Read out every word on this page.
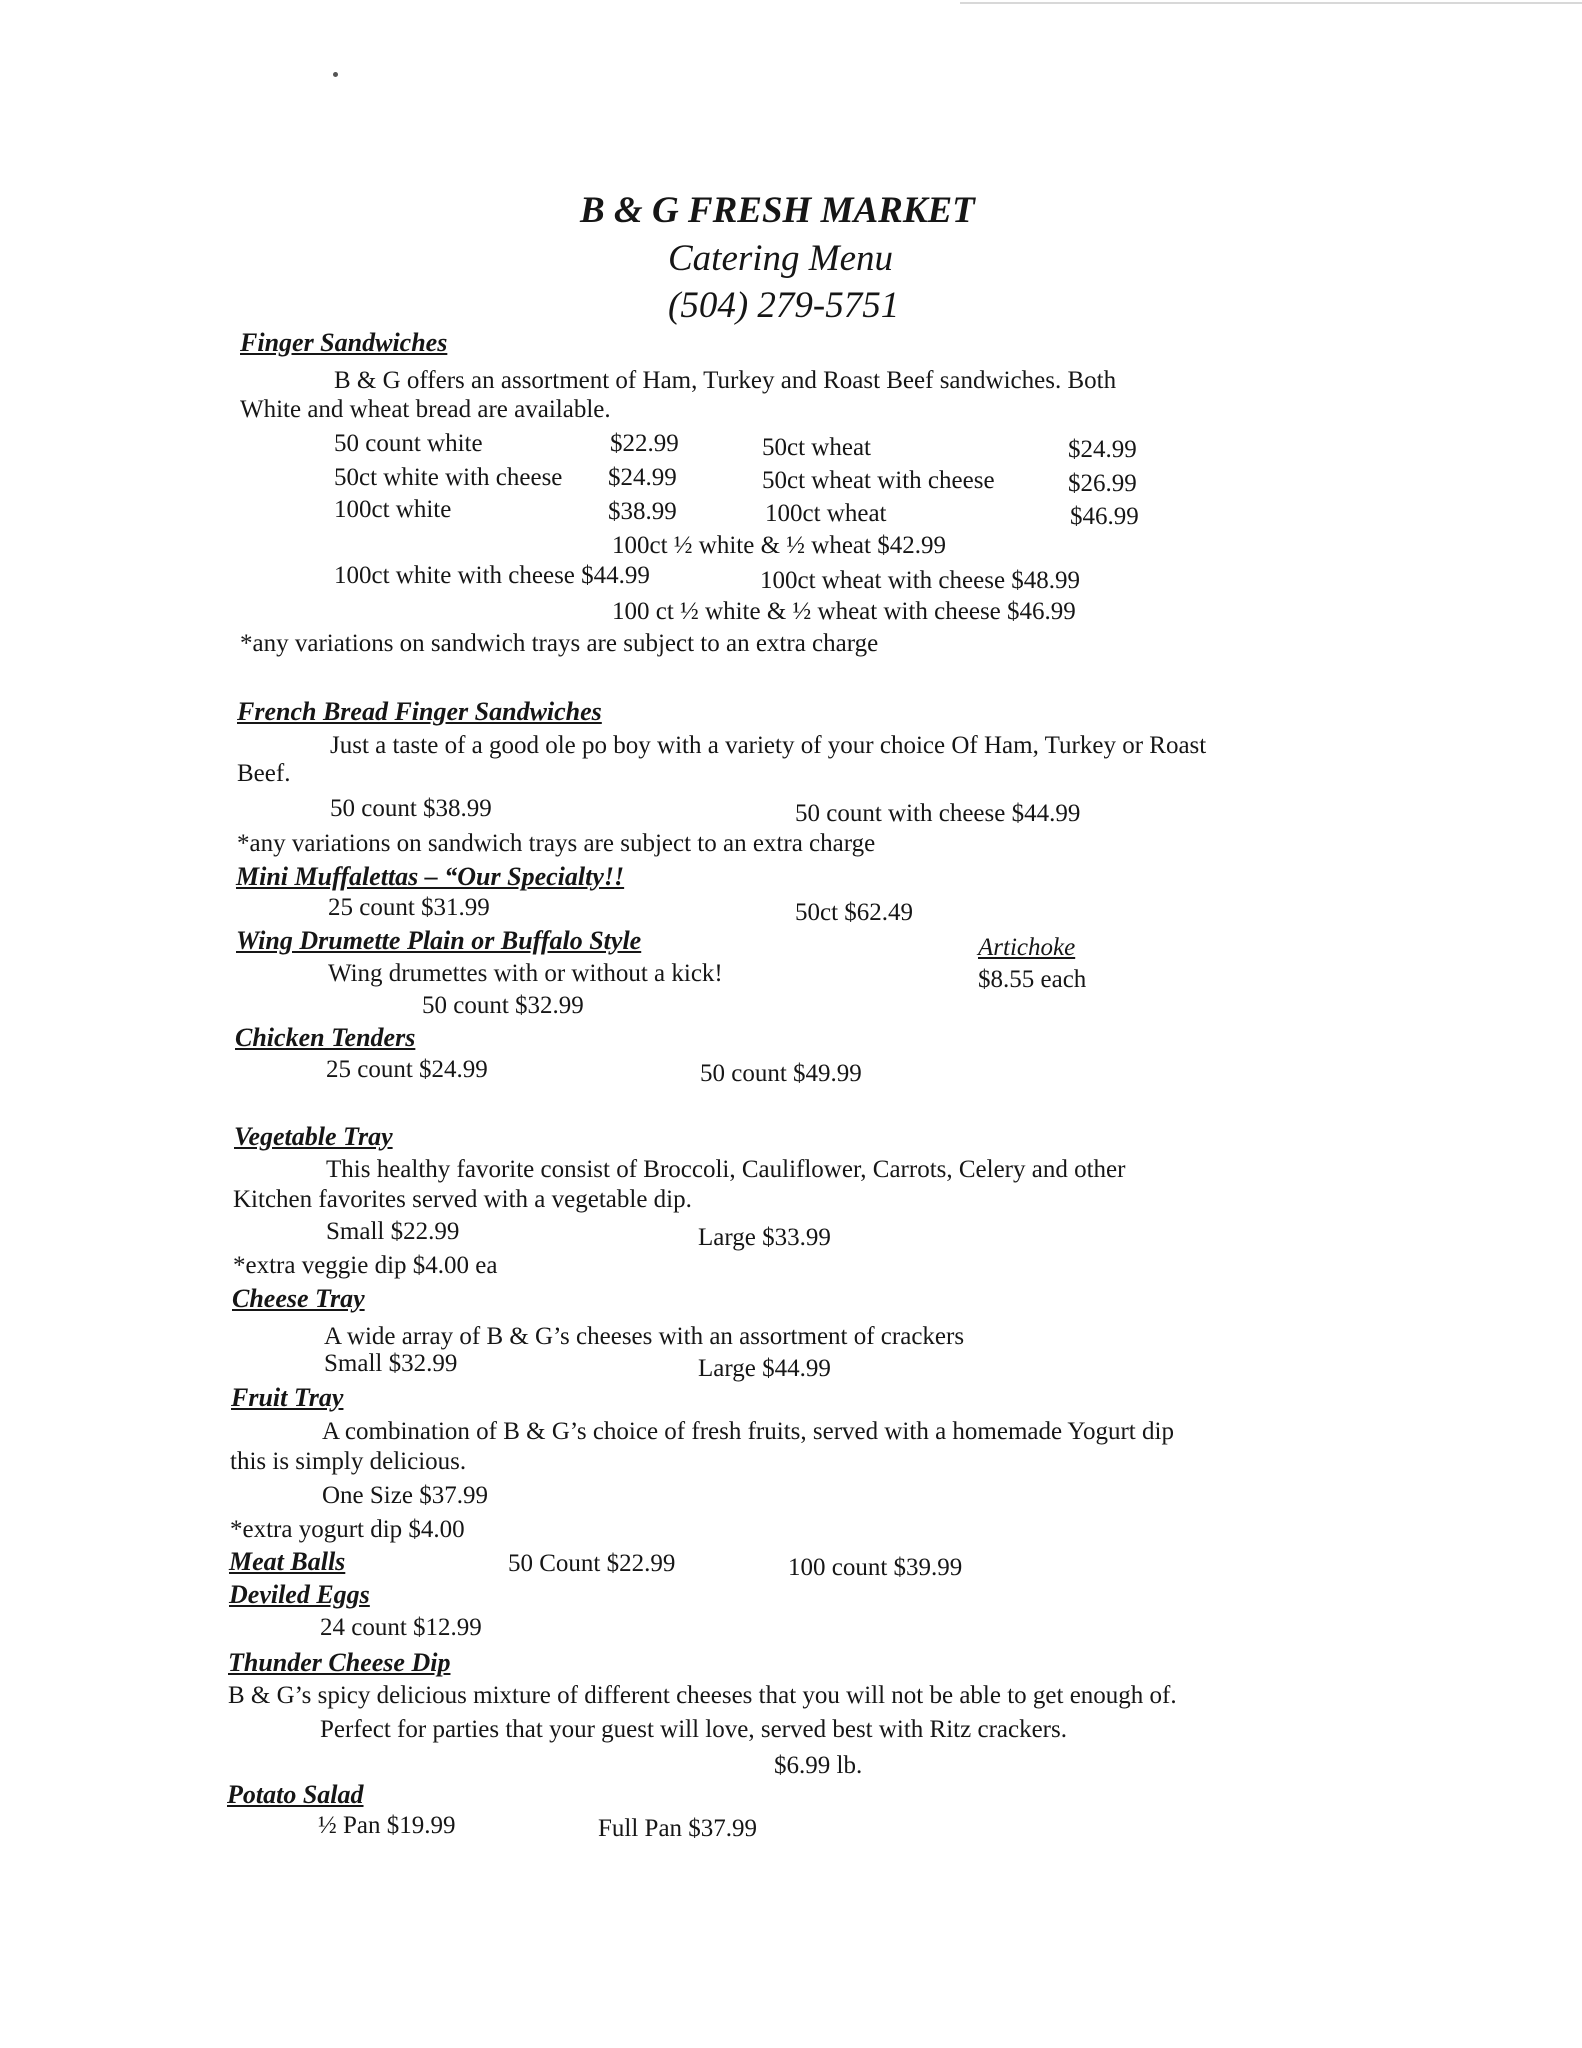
B & G FRESH MARKET
Catering Menu
(504) 279-5751
Finger Sandwiches
B & G offers an assortment of Ham, Turkey and Roast Beef sandwiches. Both
White and wheat bread are available.
50 count white	$22.99	50ct wheat	$24.99
50ct white with cheese $24.99	50ct wheat with cheese	$26.99
100ct white	$38.99	100ct wheat	$46.99
100ct ½ white & ½ wheat $42.99
100ct white with cheese $44.99	100ct wheat with cheese $48.99
100 ct ½ white & ½ wheat with cheese $46.99
*any variations on sandwich trays are subject to an extra charge
French Bread Finger Sandwiches
Just a taste of a good ole po boy with a variety of your choice Of Ham, Turkey or Roast
Beef.
50 count $38.99	50 count with cheese $44.99
*any variations on sandwich trays are subject to an extra charge
Mini Muffalettas – “Our Specialty!!
25 count $31.99	50ct $62.49
Wing Drumette Plain or Buffalo Style
Wing drumettes with or without a kick!
50 count $32.99
Artichoke
$8.55 each
Chicken Tenders
25 count $24.99	50 count $49.99
Vegetable Tray
This healthy favorite consist of Broccoli, Cauliflower, Carrots, Celery and other
Kitchen favorites served with a vegetable dip.
Small $22.99	Large $33.99
*extra veggie dip $4.00 ea
Cheese Tray
A wide array of B & G’s cheeses with an assortment of crackers
Small $32.99	Large $44.99
Fruit Tray
A combination of B & G’s choice of fresh fruits, served with a homemade Yogurt dip
this is simply delicious.
One Size $37.99
*extra yogurt dip $4.00
Meat Balls	50 Count $22.99	100 count $39.99
Deviled Eggs
24 count $12.99
Thunder Cheese Dip
B & G’s spicy delicious mixture of different cheeses that you will not be able to get enough of.
Perfect for parties that your guest will love, served best with Ritz crackers.
$6.99 lb.
Potato Salad
½ Pan $19.99	Full Pan $37.99
